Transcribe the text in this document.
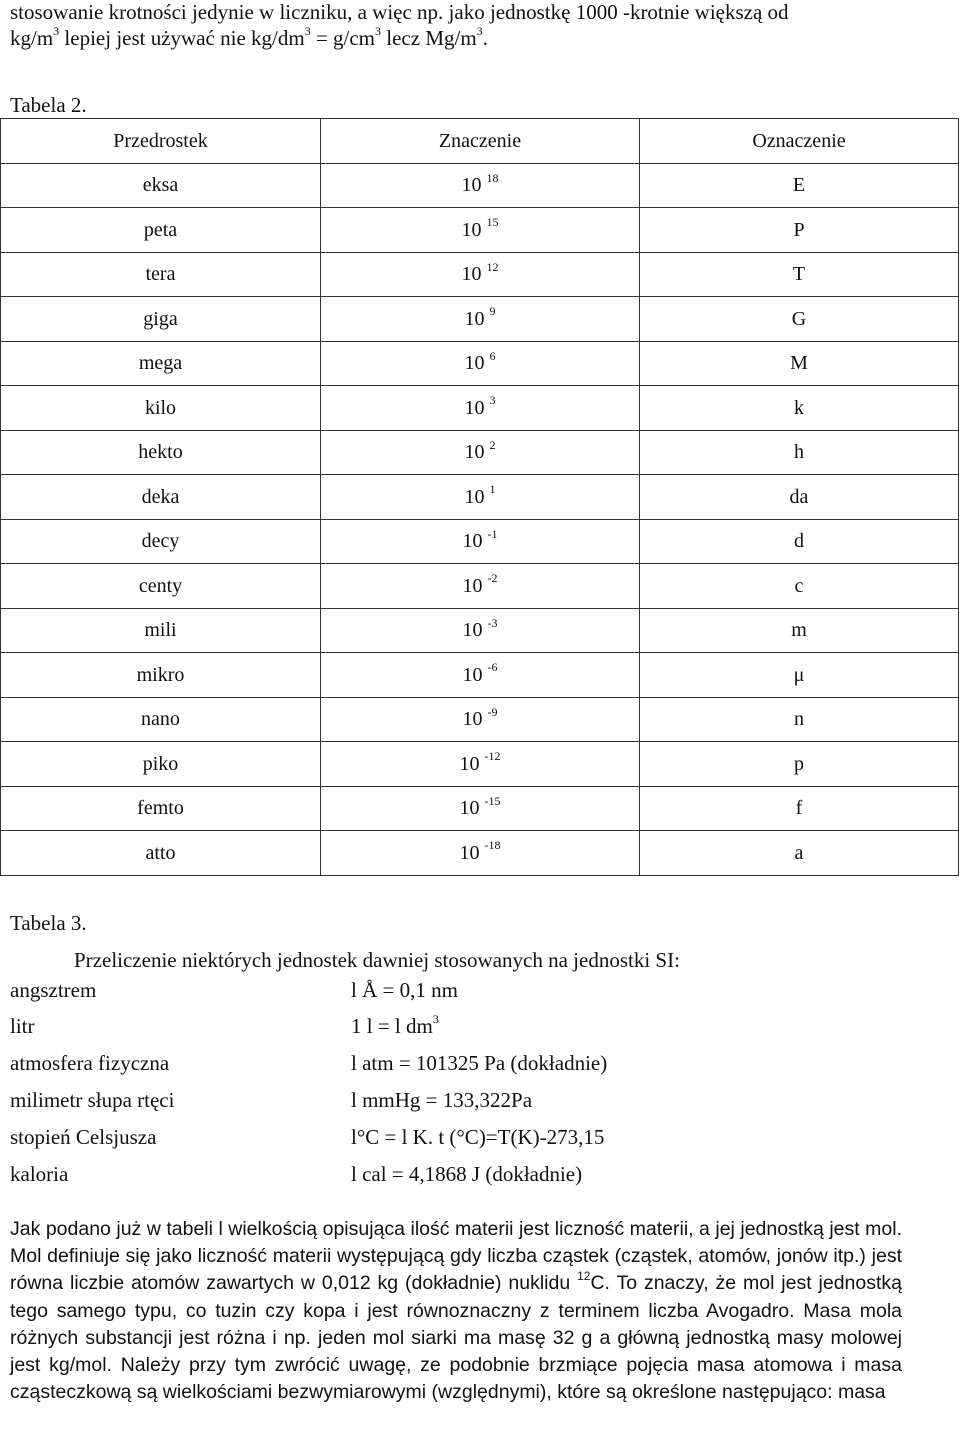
stosowanie krotności jedynie w liczniku, a więc np. jako jednostkę 1000 -krotnie większą od
$kg/m^3$ lepiej jest używać nie $kg/dm^3 = g/cm^3$ lecz $Mg/m^3$.
Tabela 2.
Przedrostek	Znaczenie	Oznaczenie
eksa	10 $^{18}$	E
peta	10 $^{15}$	P
tera	10 $^{12}$	T
giga	10 $^9$	G
mega	10 $^6$	M
kilo	10 $^3$	k
hekto	10 $^2$	h
deka	10 $^1$	da
decy	10 $^{-1}$	d
centy	10 $^{-2}$	c
mili	10 $^{-3}$	m
mikro	10 $^{-6}$	μ
nano	10 $^{-9}$	n
piko	10 $^{-12}$	p
femto	10 $^{-15}$	f
atto	10 $^{-18}$	a
Tabela 3.
Przeliczenie niektórych jednostek dawniej stosowanych na jednostki SI:
angsztrem	l Å = 0,1 nm
litr	1 l = l $dm^3$
atmosfera fizyczna	l atm = 101325 Pa (dokładnie)
milimetr słupa rtęci	l mmHg = 133,322Pa
stopień Celsjusza	l°C = l K. t (°C)=T(K)-273,15
kaloria	l cal = 4,1868 J (dokładnie)
Jak podano już w tabeli l wielkością opisująca ilość materii jest liczność materii, a jej jednostką jest mol. Mol definiuje się jako liczność materii występującą gdy liczba cząstek (cząstek, atomów, jonów itp.) jest równa liczbie atomów zawartych w 0,012 kg (dokładnie) nuklidu $^{12}$C. To znaczy, że mol jest jednostką tego samego typu, co tuzin czy kopa i jest równoznaczny z terminem liczba Avogadro. Masa mola różnych substancji jest różna i np. jeden mol siarki ma masę 32 g a główną jednostką masy molowej jest kg/mol. Należy przy tym zwrócić uwagę, ze podobnie brzmiące pojęcia masa atomowa i masa cząsteczkową są wielkościami bezwymiarowymi (względnymi), które są określone następująco: masa
